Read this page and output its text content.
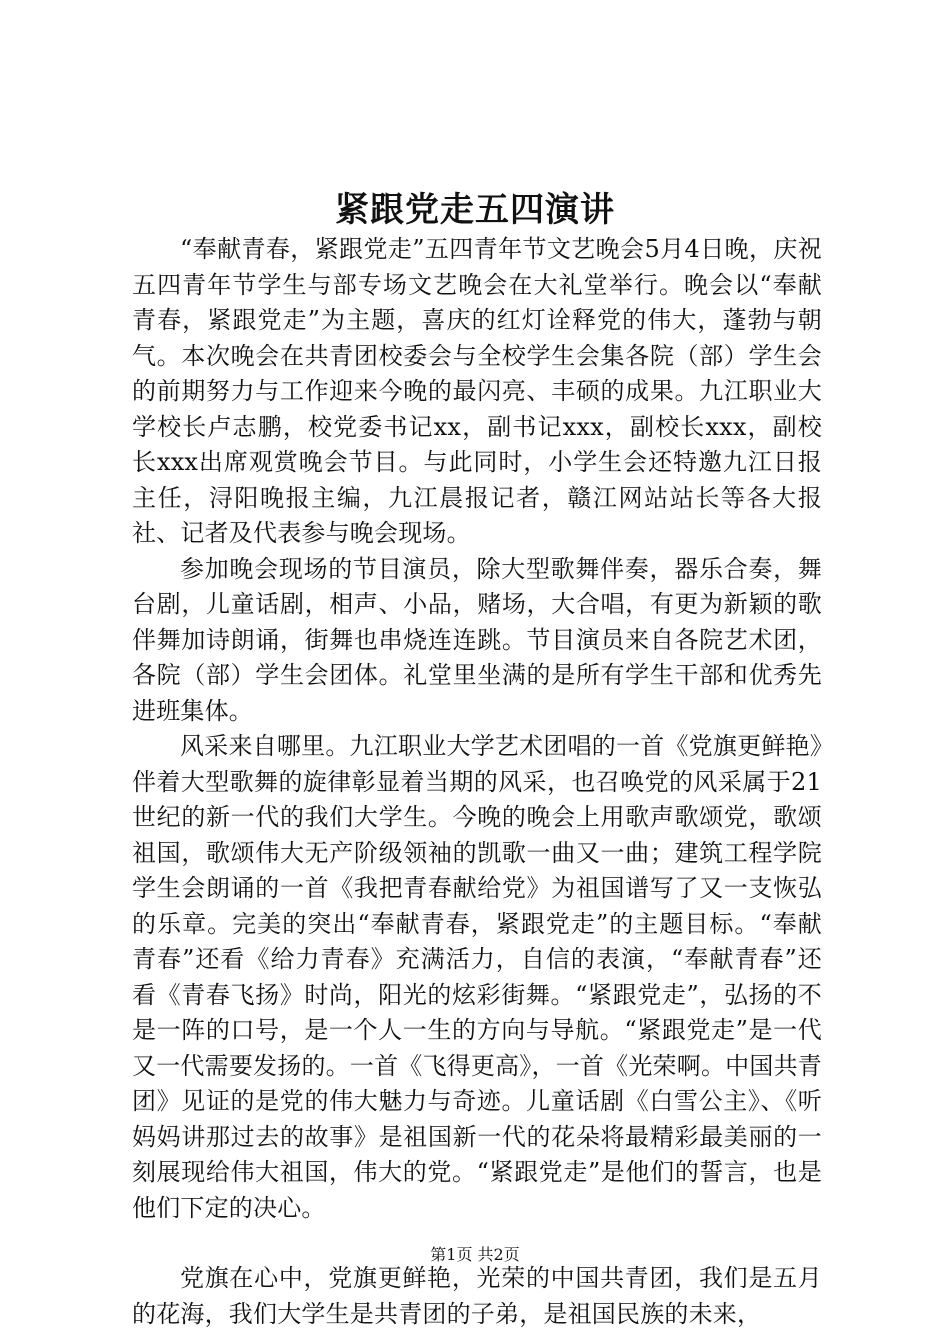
紧跟党走五四演讲

“奉献青春，紧跟党走”五四青年节文艺晚会5月4日晚，庆祝五四青年节学生与部专场文艺晚会在大礼堂举行。晚会以“奉献青春，紧跟党走”为主题，喜庆的红灯诠释党的伟大，蓬勃与朝气。本次晚会在共青团校委会与全校学生会集各院（部）学生会的前期努力与工作迎来今晚的最闪亮、丰硕的成果。九江职业大学校长卢志鹏，校党委书记xx，副书记xxx，副校长xxx，副校长xxx出席观赏晚会节目。与此同时，小学生会还特邀九江日报主任，浔阳晚报主编，九江晨报记者，赣江网站站长等各大报社、记者及代表参与晚会现场。

参加晚会现场的节目演员，除大型歌舞伴奏，器乐合奏，舞台剧，儿童话剧，相声、小品，赌场，大合唱，有更为新颖的歌伴舞加诗朗诵，街舞也串烧连连跳。节目演员来自各院艺术团，各院（部）学生会团体。礼堂里坐满的是所有学生干部和优秀先进班集体。

风采来自哪里。九江职业大学艺术团唱的一首《党旗更鲜艳》伴着大型歌舞的旋律彰显着当期的风采，也召唤党的风采属于21世纪的新一代的我们大学生。今晚的晚会上用歌声歌颂党，歌颂祖国，歌颂伟大无产阶级领袖的凯歌一曲又一曲；建筑工程学院学生会朗诵的一首《我把青春献给党》为祖国谱写了又一支恢弘的乐章。完美的突出“奉献青春，紧跟党走”的主题目标。“奉献青春”还看《给力青春》充满活力，自信的表演，“奉献青春”还看《青春飞扬》时尚，阳光的炫彩街舞。“紧跟党走”，弘扬的不是一阵的口号，是一个人一生的方向与导航。“紧跟党走”是一代又一代需要发扬的。一首《飞得更高》，一首《光荣啊。中国共青团》见证的是党的伟大魅力与奇迹。儿童话剧《白雪公主》、《听妈妈讲那过去的故事》是祖国新一代的花朵将最精彩最美丽的一刻展现给伟大祖国，伟大的党。“紧跟党走”是他们的誓言，也是他们下定的决心。

党旗在心中，党旗更鲜艳，光荣的中国共青团，我们是五月的花海，我们大学生是共青团的子弟，是祖国民族的未来，

第1页 共2页
